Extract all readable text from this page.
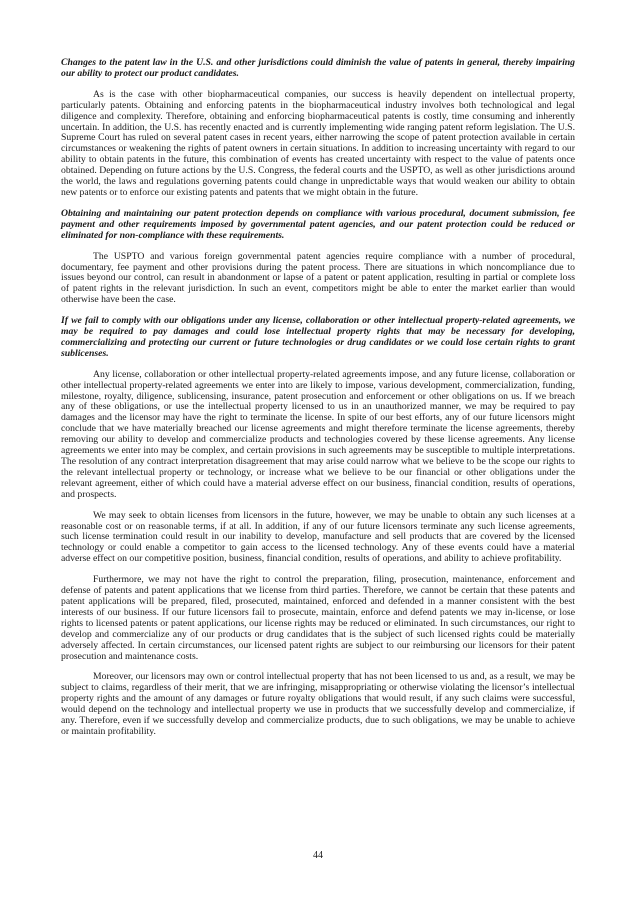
Changes to the patent law in the U.S. and other jurisdictions could diminish the value of patents in general, thereby impairing our ability to protect our product candidates.

As is the case with other biopharmaceutical companies, our success is heavily dependent on intellectual property, particularly patents. Obtaining and enforcing patents in the biopharmaceutical industry involves both technological and legal diligence and complexity. Therefore, obtaining and enforcing biopharmaceutical patents is costly, time consuming and inherently uncertain. In addition, the U.S. has recently enacted and is currently implementing wide ranging patent reform legislation. The U.S. Supreme Court has ruled on several patent cases in recent years, either narrowing the scope of patent protection available in certain circumstances or weakening the rights of patent owners in certain situations. In addition to increasing uncertainty with regard to our ability to obtain patents in the future, this combination of events has created uncertainty with respect to the value of patents once obtained. Depending on future actions by the U.S. Congress, the federal courts and the USPTO, as well as other jurisdictions around the world, the laws and regulations governing patents could change in unpredictable ways that would weaken our ability to obtain new patents or to enforce our existing patents and patents that we might obtain in the future.

Obtaining and maintaining our patent protection depends on compliance with various procedural, document submission, fee payment and other requirements imposed by governmental patent agencies, and our patent protection could be reduced or eliminated for non-compliance with these requirements.

The USPTO and various foreign governmental patent agencies require compliance with a number of procedural, documentary, fee payment and other provisions during the patent process. There are situations in which noncompliance due to issues beyond our control, can result in abandonment or lapse of a patent or patent application, resulting in partial or complete loss of patent rights in the relevant jurisdiction. In such an event, competitors might be able to enter the market earlier than would otherwise have been the case.

If we fail to comply with our obligations under any license, collaboration or other intellectual property-related agreements, we may be required to pay damages and could lose intellectual property rights that may be necessary for developing, commercializing and protecting our current or future technologies or drug candidates or we could lose certain rights to grant sublicenses.

Any license, collaboration or other intellectual property-related agreements impose, and any future license, collaboration or other intellectual property-related agreements we enter into are likely to impose, various development, commercialization, funding, milestone, royalty, diligence, sublicensing, insurance, patent prosecution and enforcement or other obligations on us. If we breach any of these obligations, or use the intellectual property licensed to us in an unauthorized manner, we may be required to pay damages and the licensor may have the right to terminate the license. In spite of our best efforts, any of our future licensors might conclude that we have materially breached our license agreements and might therefore terminate the license agreements, thereby removing our ability to develop and commercialize products and technologies covered by these license agreements. Any license agreements we enter into may be complex, and certain provisions in such agreements may be susceptible to multiple interpretations. The resolution of any contract interpretation disagreement that may arise could narrow what we believe to be the scope our rights to the relevant intellectual property or technology, or increase what we believe to be our financial or other obligations under the relevant agreement, either of which could have a material adverse effect on our business, financial condition, results of operations, and prospects.

We may seek to obtain licenses from licensors in the future, however, we may be unable to obtain any such licenses at a reasonable cost or on reasonable terms, if at all. In addition, if any of our future licensors terminate any such license agreements, such license termination could result in our inability to develop, manufacture and sell products that are covered by the licensed technology or could enable a competitor to gain access to the licensed technology. Any of these events could have a material adverse effect on our competitive position, business, financial condition, results of operations, and ability to achieve profitability.

Furthermore, we may not have the right to control the preparation, filing, prosecution, maintenance, enforcement and defense of patents and patent applications that we license from third parties. Therefore, we cannot be certain that these patents and patent applications will be prepared, filed, prosecuted, maintained, enforced and defended in a manner consistent with the best interests of our business. If our future licensors fail to prosecute, maintain, enforce and defend patents we may in-license, or lose rights to licensed patents or patent applications, our license rights may be reduced or eliminated. In such circumstances, our right to develop and commercialize any of our products or drug candidates that is the subject of such licensed rights could be materially adversely affected. In certain circumstances, our licensed patent rights are subject to our reimbursing our licensors for their patent prosecution and maintenance costs.

Moreover, our licensors may own or control intellectual property that has not been licensed to us and, as a result, we may be subject to claims, regardless of their merit, that we are infringing, misappropriating or otherwise violating the licensor’s intellectual property rights and the amount of any damages or future royalty obligations that would result, if any such claims were successful, would depend on the technology and intellectual property we use in products that we successfully develop and commercialize, if any. Therefore, even if we successfully develop and commercialize products, due to such obligations, we may be unable to achieve or maintain profitability.

44
